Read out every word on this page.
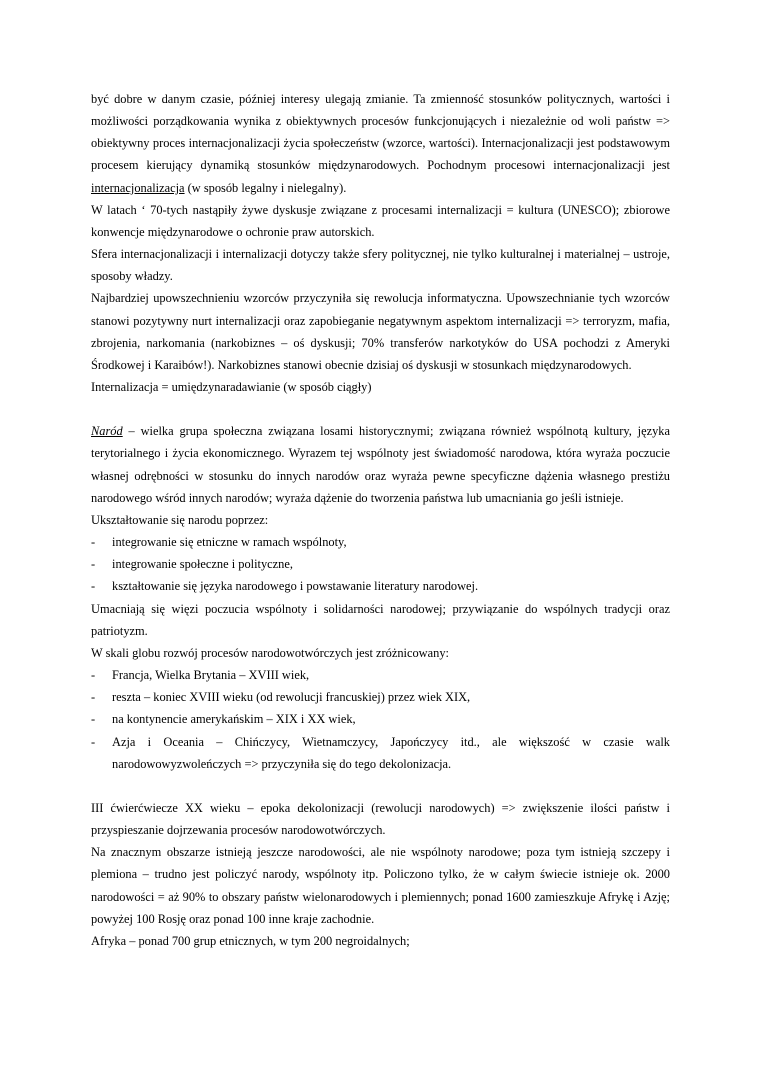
być dobre w danym czasie, później interesy ulegają zmianie. Ta zmienność stosunków politycznych, wartości i możliwości porządkowania wynika z obiektywnych procesów funkcjonujących i niezależnie od woli państw => obiektywny proces internacjonalizacji życia społeczeństw (wzorce, wartości). Internacjonalizacji jest podstawowym procesem kierujący dynamiką stosunków międzynarodowych. Pochodnym procesowi internacjonalizacji jest internacjonalizacja (w sposób legalny i nielegalny).

W latach ‘ 70-tych nastąpiły żywe dyskusje związane z procesami internalizacji = kultura (UNESCO); zbiorowe konwencje międzynarodowe o ochronie praw autorskich.

Sfera internacjonalizacji i internalizacji dotyczy także sfery politycznej, nie tylko kulturalnej i materialnej – ustroje, sposoby władzy.

Najbardziej upowszechnieniu wzorców przyczyniła się rewolucja informatyczna. Upowszechnianie tych wzorców stanowi pozytywny nurt internalizacji oraz zapobieganie negatywnym aspektom internalizacji => terroryzm, mafia, zbrojenia, narkomania (narkobiznes – oś dyskusji; 70% transferów narkotyków do USA pochodzi z Ameryki Środkowej i Karaibów!). Narkobiznes stanowi obecnie dzisiaj oś dyskusji w stosunkach międzynarodowych.

Internalizacja = umiędzynaradawianie (w sposób ciągły)

Naród – wielka grupa społeczna związana losami historycznymi; związana również wspólnotą kultury, języka terytorialnego i życia ekonomicznego. Wyrazem tej wspólnoty jest świadomość narodowa, która wyraża poczucie własnej odrębności w stosunku do innych narodów oraz wyraża pewne specyficzne dążenia własnego prestiżu narodowego wśród innych narodów; wyraża dążenie do tworzenia państwa lub umacniania go jeśli istnieje.

Ukształtowanie się narodu poprzez:

- integrowanie się etniczne w ramach wspólnoty,

- integrowanie społeczne i polityczne,

- kształtowanie się języka narodowego i powstawanie literatury narodowej.

Umacniają się więzi poczucia wspólnoty i solidarności narodowej; przywiązanie do wspólnych tradycji oraz patriotyzm.

W skali globu rozwój procesów narodowotwórczych jest zróżnicowany:

- Francja, Wielka Brytania – XVIII wiek,

- reszta – koniec XVIII wieku (od rewolucji francuskiej) przez wiek XIX,

- na kontynencie amerykańskim – XIX i XX wiek,

- Azja i Oceania – Chińczycy, Wietnamczycy, Japończycy itd., ale większość w czasie walk narodowowyzwoleńczych => przyczyniła się do tego dekolonizacja.

III ćwierćwiecze XX wieku – epoka dekolonizacji (rewolucji narodowych) => zwiększenie ilości państw i przyspieszanie dojrzewania procesów narodowotwórczych.

Na znacznym obszarze istnieją jeszcze narodowości, ale nie wspólnoty narodowe; poza tym istnieją szczepy i plemiona – trudno jest policzyć narody, wspólnoty itp. Policzono tylko, że w całym świecie istnieje ok. 2000 narodowości = aż 90% to obszary państw wielonarodowych i plemiennych; ponad 1600 zamieszkuje Afrykę i Azję; powyżej 100 Rosję oraz ponad 100 inne kraje zachodnie.

Afryka – ponad 700 grup etnicznych, w tym 200 negroidalnych;
